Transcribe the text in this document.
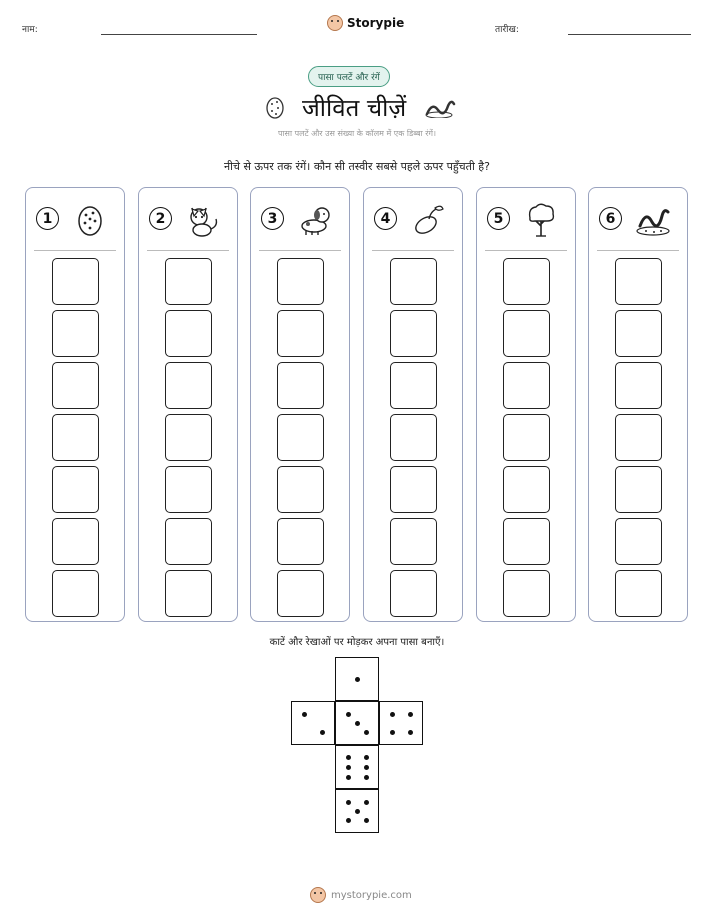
नाम:	Storypie	तारीख:
पासा पलटें और रंगें
जीवित चीज़ें
पासा पलटें और उस संख्या के कॉलम में एक डिब्बा रंगें।
नीचे से ऊपर तक रंगें। कौन सी तस्वीर सबसे पहले ऊपर पहुँचती है?
1	2	3	4	5	6
काटें और रेखाओं पर मोड़कर अपना पासा बनाएँ।
mystorypie.com
